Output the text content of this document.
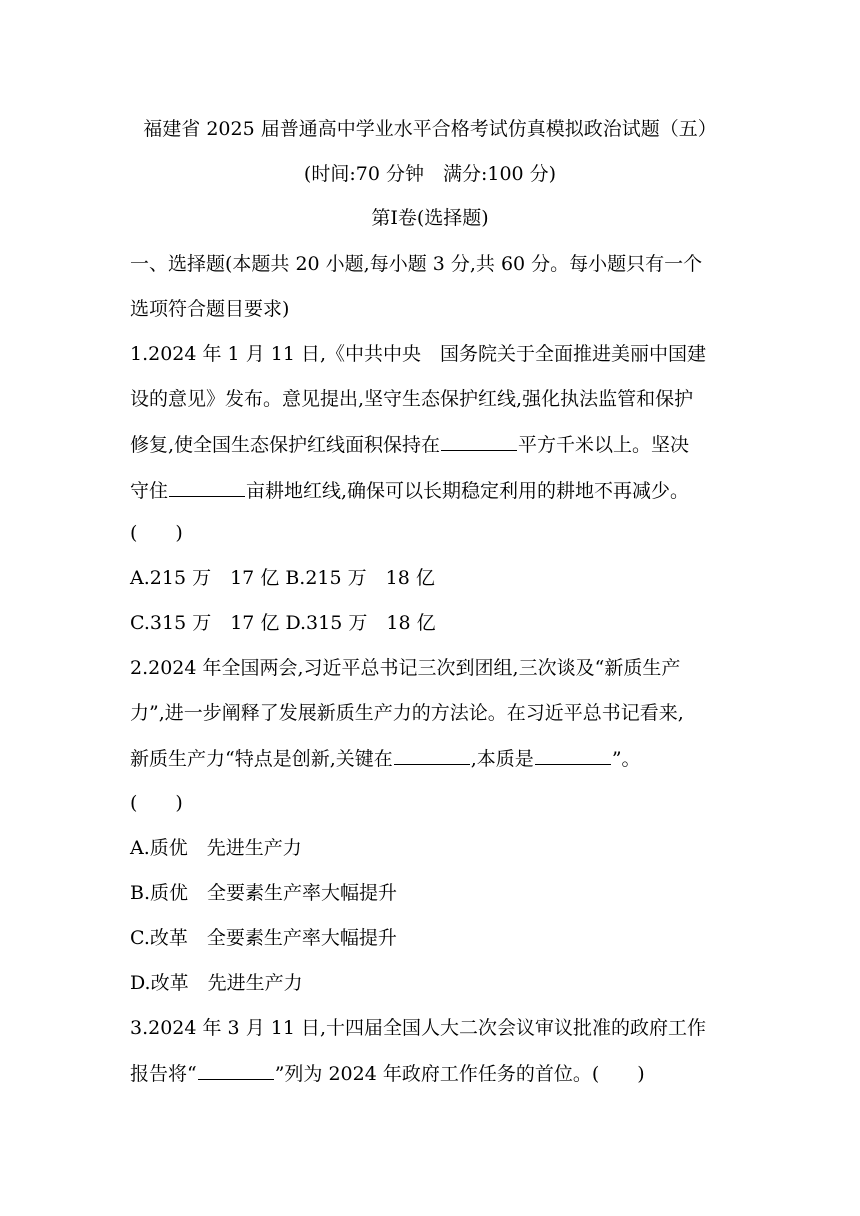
福建省 2025 届普通高中学业水平合格考试仿真模拟政治试题（五）
(时间:70 分钟　满分:100 分)
第Ⅰ卷(选择题)
一、选择题(本题共 20 小题,每小题 3 分,共 60 分。每小题只有一个
选项符合题目要求)
1.2024 年 1 月 11 日,《中共中央　国务院关于全面推进美丽中国建
设的意见》发布。意见提出,坚守生态保护红线,强化执法监管和保护
修复,使全国生态保护红线面积保持在	平方千米以上。坚决
守住	亩耕地红线,确保可以长期稳定利用的耕地不再减少。
(　　)
A.215 万　17 亿 B.215 万　18 亿
C.315 万　17 亿 D.315 万　18 亿
2.2024 年全国两会,习近平总书记三次到团组,三次谈及“新质生产
力”,进一步阐释了发展新质生产力的方法论。在习近平总书记看来,
新质生产力“特点是创新,关键在	,本质是	”。
(　　)
A.质优　先进生产力
B.质优　全要素生产率大幅提升
C.改革　全要素生产率大幅提升
D.改革　先进生产力
3.2024 年 3 月 11 日,十四届全国人大二次会议审议批准的政府工作
报告将“	”列为 2024 年政府工作任务的首位。(　　)
